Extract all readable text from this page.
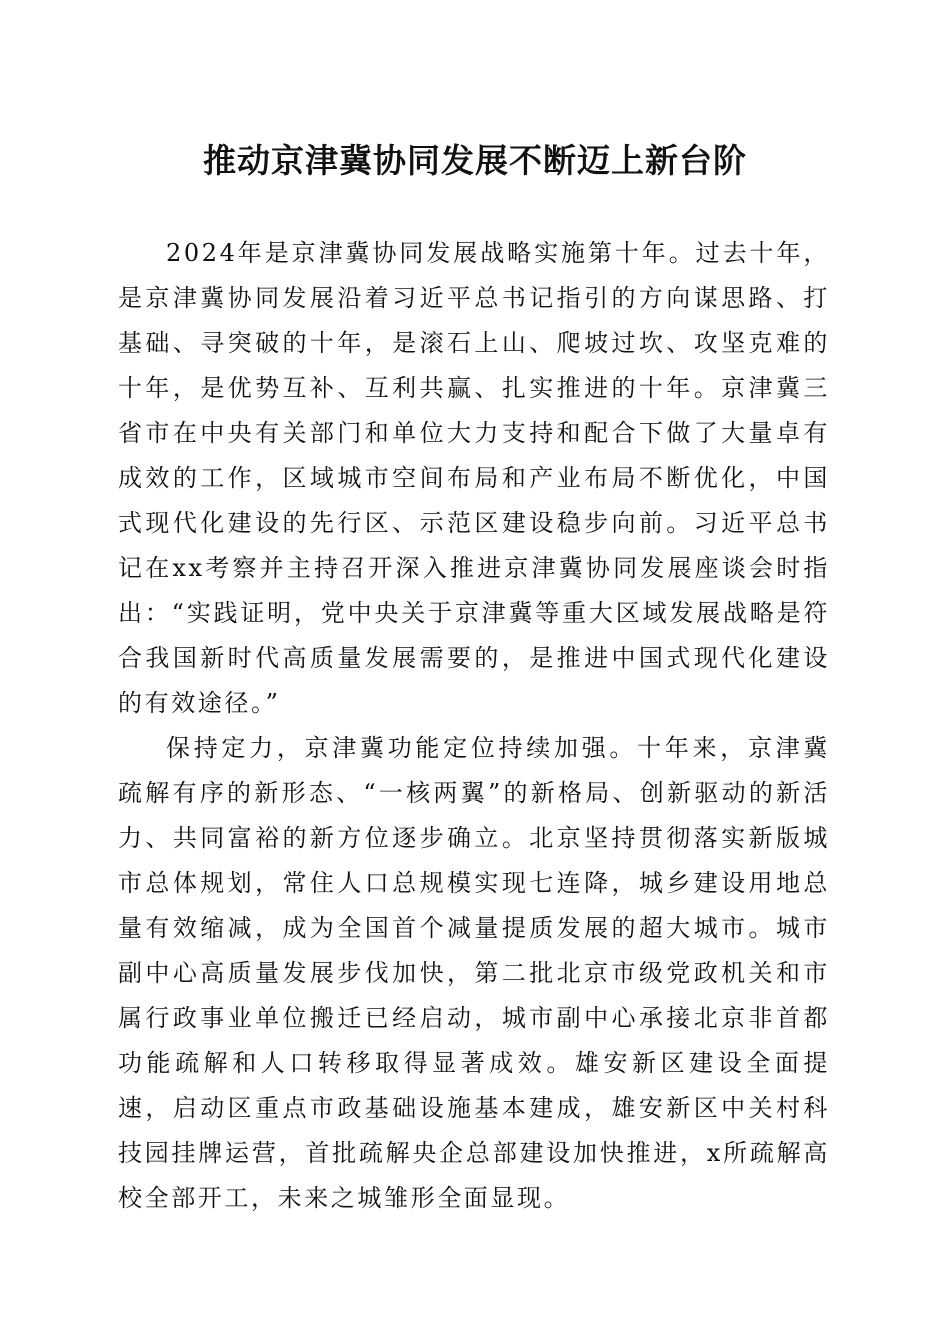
推动京津冀协同发展不断迈上新台阶

2024年是京津冀协同发展战略实施第十年。过去十年，是京津冀协同发展沿着习近平总书记指引的方向谋思路、打基础、寻突破的十年，是滚石上山、爬坡过坎、攻坚克难的十年，是优势互补、互利共赢、扎实推进的十年。京津冀三省市在中央有关部门和单位大力支持和配合下做了大量卓有成效的工作，区域城市空间布局和产业布局不断优化，中国式现代化建设的先行区、示范区建设稳步向前。习近平总书记在xx考察并主持召开深入推进京津冀协同发展座谈会时指出：“实践证明，党中央关于京津冀等重大区域发展战略是符合我国新时代高质量发展需要的，是推进中国式现代化建设的有效途径。”

保持定力，京津冀功能定位持续加强。十年来，京津冀疏解有序的新形态、“一核两翼”的新格局、创新驱动的新活力、共同富裕的新方位逐步确立。北京坚持贯彻落实新版城市总体规划，常住人口总规模实现七连降，城乡建设用地总量有效缩减，成为全国首个减量提质发展的超大城市。城市副中心高质量发展步伐加快，第二批北京市级党政机关和市属行政事业单位搬迁已经启动，城市副中心承接北京非首都功能疏解和人口转移取得显著成效。雄安新区建设全面提速，启动区重点市政基础设施基本建成，雄安新区中关村科技园挂牌运营，首批疏解央企总部建设加快推进，x所疏解高校全部开工，未来之城雏形全面显现。
